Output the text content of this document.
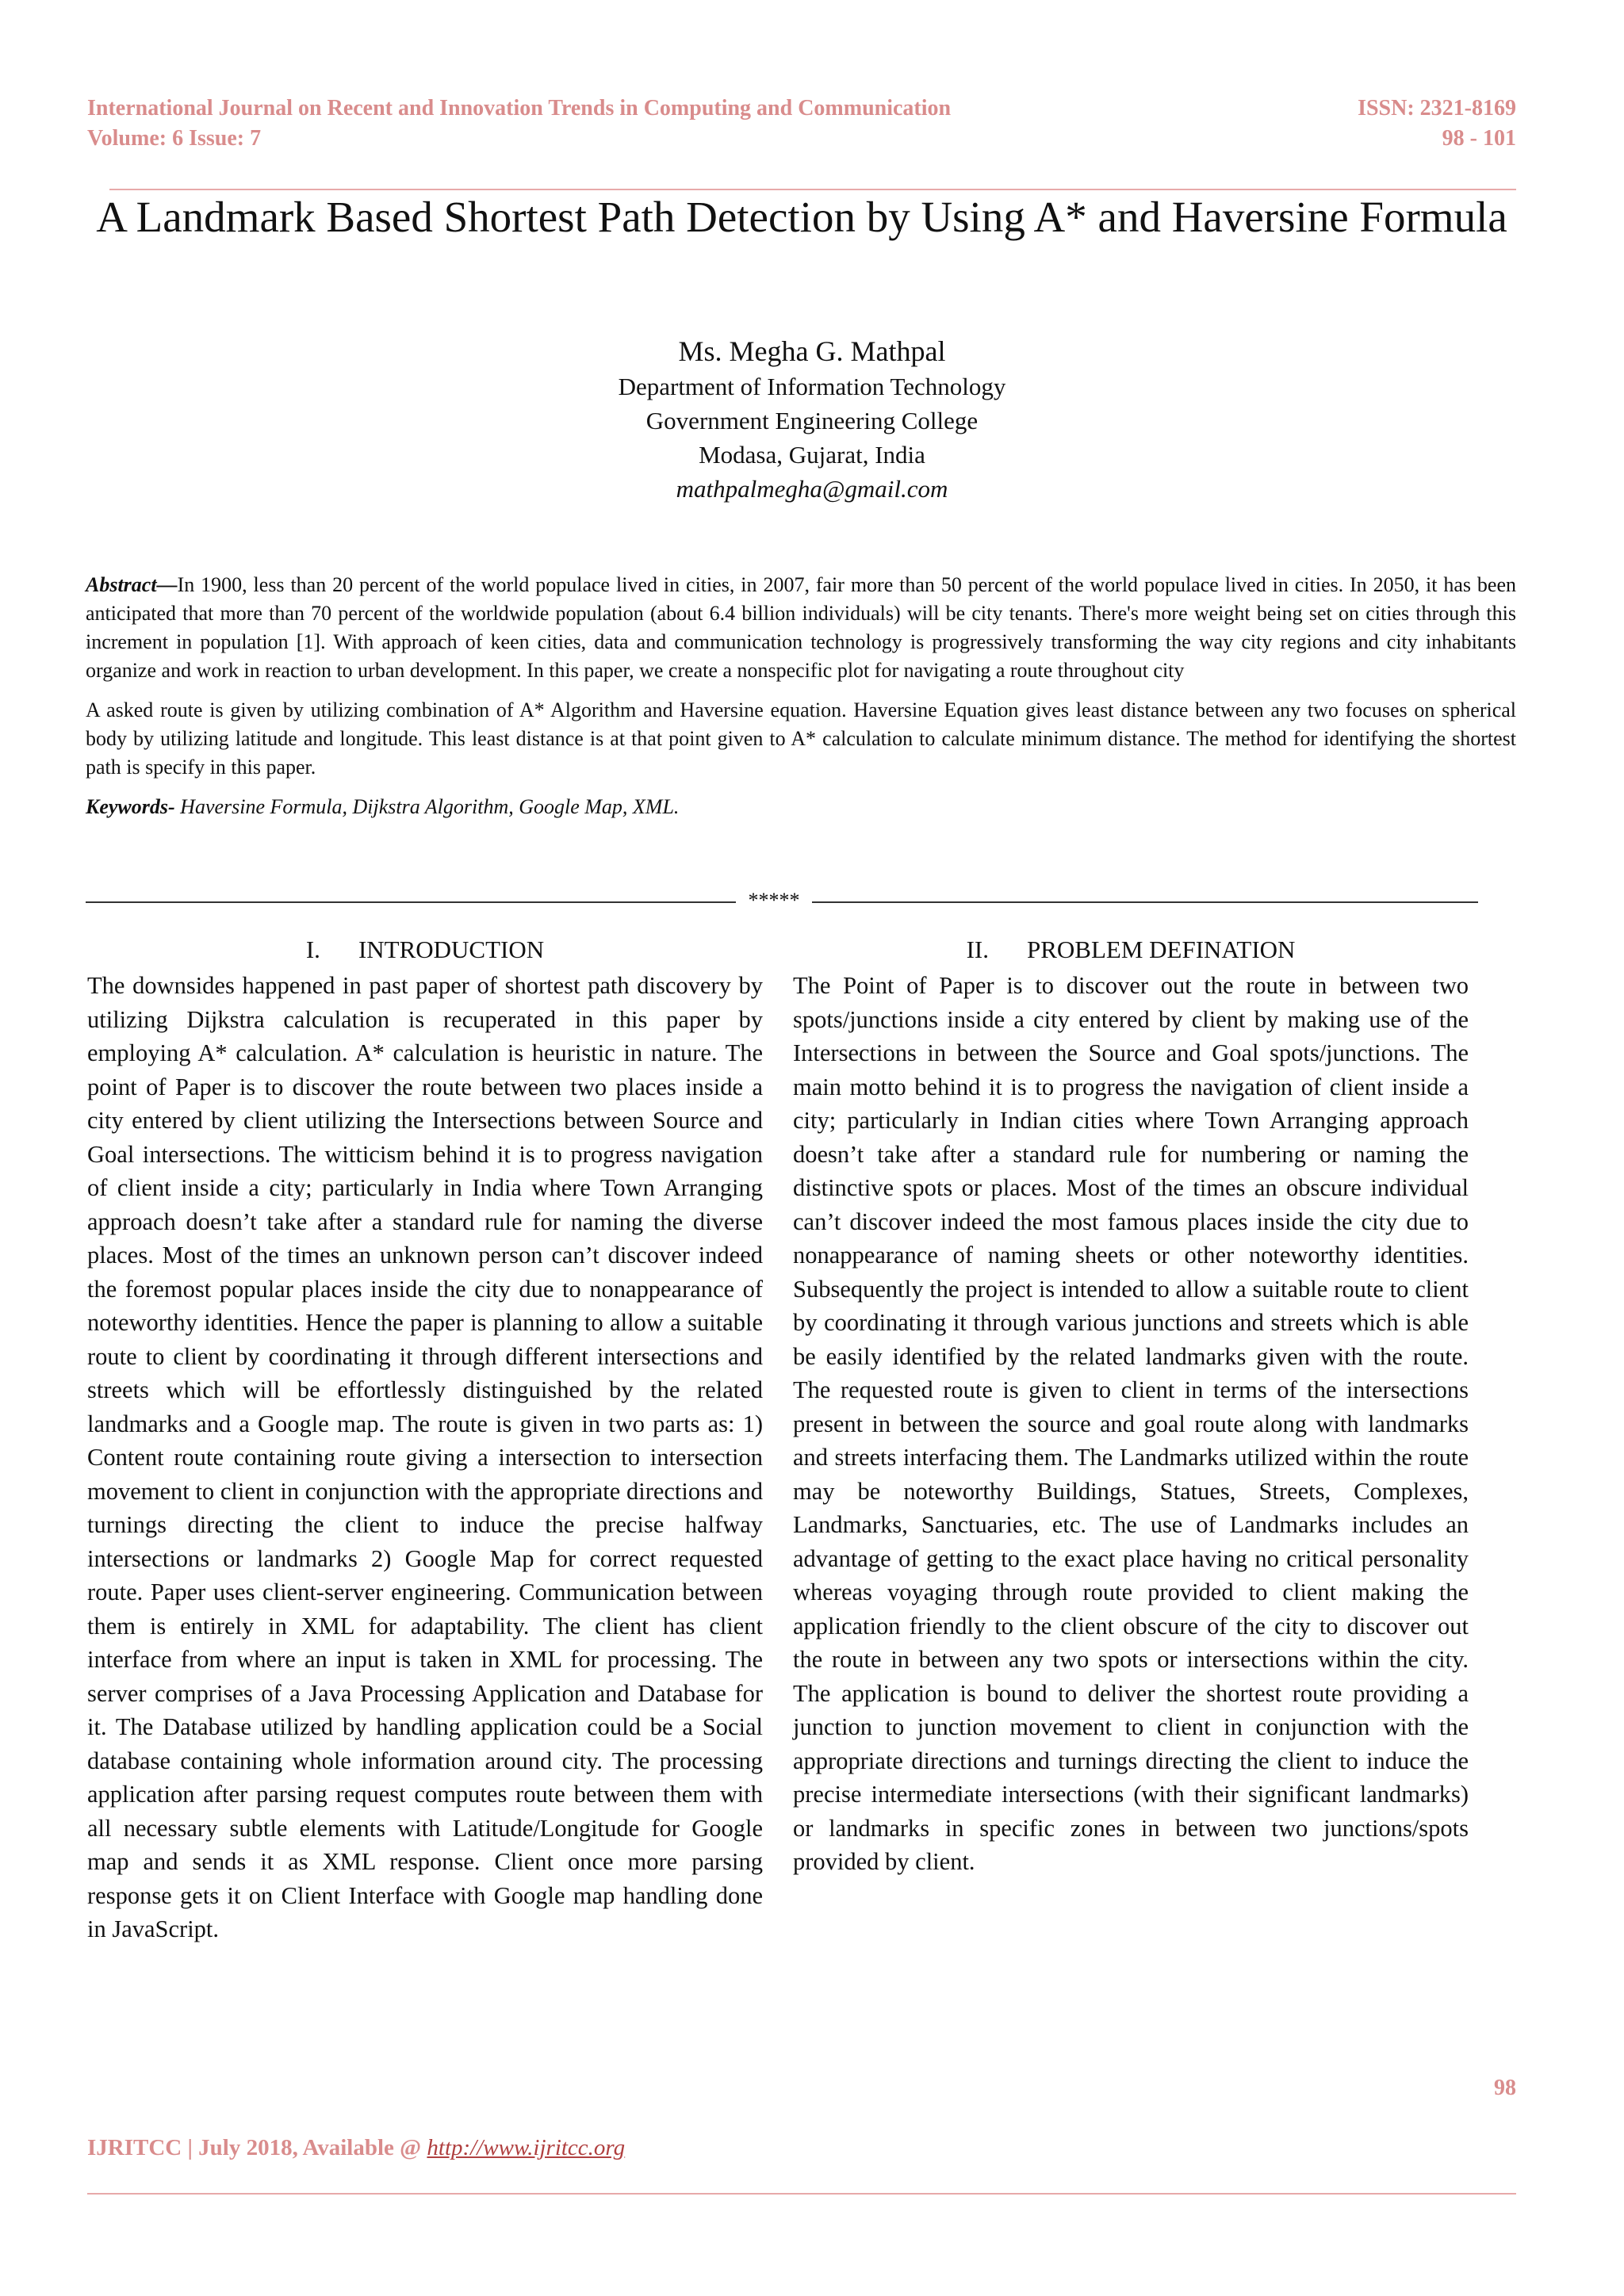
International Journal on Recent and Innovation Trends in Computing and Communication
Volume: 6 Issue: 7
ISSN: 2321-8169
98 - 101
A Landmark Based Shortest Path Detection by Using A* and Haversine Formula
Ms. Megha G. Mathpal
Department of Information Technology
Government Engineering College
Modasa, Gujarat, India
mathpalmegha@gmail.com

Abstract—In 1900, less than 20 percent of the world populace lived in cities, in 2007, fair more than 50 percent of the world populace lived in cities. In 2050, it has been anticipated that more than 70 percent of the worldwide population (about 6.4 billion individuals) will be city tenants. There's more weight being set on cities through this increment in population [1]. With approach of keen cities, data and communication technology is progressively transforming the way city regions and city inhabitants organize and work in reaction to urban development. In this paper, we create a nonspecific plot for navigating a route throughout city

A asked route is given by utilizing combination of A* Algorithm and Haversine equation. Haversine Equation gives least distance between any two focuses on spherical body by utilizing latitude and longitude. This least distance is at that point given to A* calculation to calculate minimum distance. The method for identifying the shortest path is specify in this paper.

Keywords- Haversine Formula, Dijkstra Algorithm, Google Map, XML.

*****
I. INTRODUCTION

The downsides happened in past paper of shortest path discovery by utilizing Dijkstra calculation is recuperated in this paper by employing A* calculation. A* calculation is heuristic in nature. The point of Paper is to discover the route between two places inside a city entered by client utilizing the Intersections between Source and Goal intersections. The witticism behind it is to progress navigation of client inside a city; particularly in India where Town Arranging approach doesn’t take after a standard rule for naming the diverse places. Most of the times an unknown person can’t discover indeed the foremost popular places inside the city due to nonappearance of noteworthy identities. Hence the paper is planning to allow a suitable route to client by coordinating it through different intersections and streets which will be effortlessly distinguished by the related landmarks and a Google map. The route is given in two parts as: 1) Content route containing route giving a intersection to intersection movement to client in conjunction with the appropriate directions and turnings directing the client to induce the precise halfway intersections or landmarks 2) Google Map for correct requested route. Paper uses client-server engineering. Communication between them is entirely in XML for adaptability. The client has client interface from where an input is taken in XML for processing. The server comprises of a Java Processing Application and Database for it. The Database utilized by handling application could be a Social database containing whole information around city. The processing application after parsing request computes route between them with all necessary subtle elements with Latitude/Longitude for Google map and sends it as XML response. Client once more parsing response gets it on Client Interface with Google map handling done in JavaScript.

II. PROBLEM DEFINATION

The Point of Paper is to discover out the route in between two spots/junctions inside a city entered by client by making use of the Intersections in between the Source and Goal spots/junctions. The main motto behind it is to progress the navigation of client inside a city; particularly in Indian cities where Town Arranging approach doesn’t take after a standard rule for numbering or naming the distinctive spots or places. Most of the times an obscure individual can’t discover indeed the most famous places inside the city due to nonappearance of naming sheets or other noteworthy identities. Subsequently the project is intended to allow a suitable route to client by coordinating it through various junctions and streets which is able be easily identified by the related landmarks given with the route. The requested route is given to client in terms of the intersections present in between the source and goal route along with landmarks and streets interfacing them. The Landmarks utilized within the route may be noteworthy Buildings, Statues, Streets, Complexes, Landmarks, Sanctuaries, etc. The use of Landmarks includes an advantage of getting to the exact place having no critical personality whereas voyaging through route provided to client making the application friendly to the client obscure of the city to discover out the route in between any two spots or intersections within the city. The application is bound to deliver the shortest route providing a junction to junction movement to client in conjunction with the appropriate directions and turnings directing the client to induce the precise intermediate intersections (with their significant landmarks) or landmarks in specific zones in between two junctions/spots provided by client.

98
IJRITCC | July 2018, Available @ http://www.ijritcc.org
